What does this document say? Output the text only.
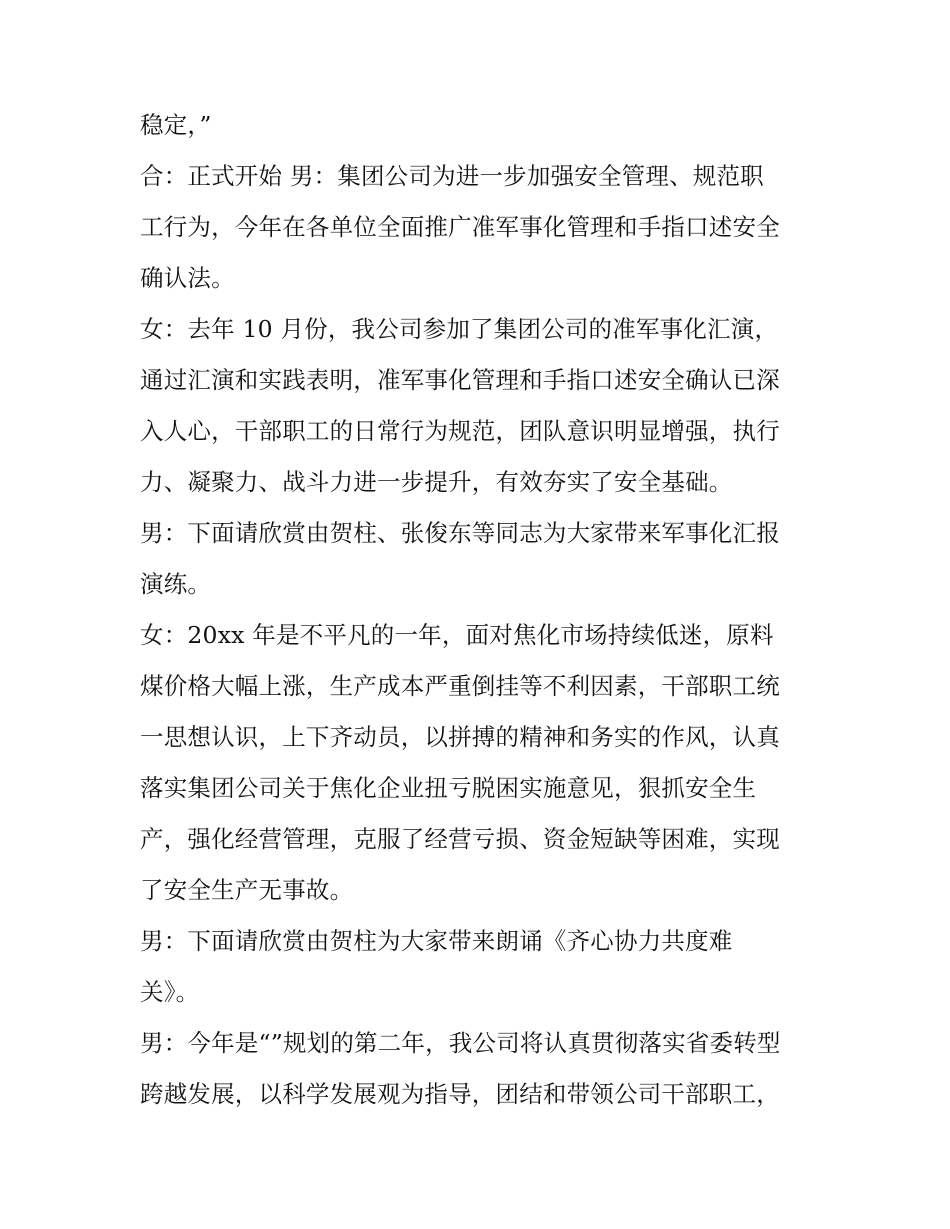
稳定，”
合：正式开始 男：集团公司为进一步加强安全管理、规范职
工行为，今年在各单位全面推广准军事化管理和手指口述安全
确认法。
女：去年 10 月份，我公司参加了集团公司的准军事化汇演，
通过汇演和实践表明，准军事化管理和手指口述安全确认已深
入人心，干部职工的日常行为规范，团队意识明显增强，执行
力、凝聚力、战斗力进一步提升，有效夯实了安全基础。
男：下面请欣赏由贺柱、张俊东等同志为大家带来军事化汇报
演练。
女：20xx 年是不平凡的一年，面对焦化市场持续低迷，原料
煤价格大幅上涨，生产成本严重倒挂等不利因素，干部职工统
一思想认识，上下齐动员，以拼搏的精神和务实的作风，认真
落实集团公司关于焦化企业扭亏脱困实施意见，狠抓安全生
产，强化经营管理，克服了经营亏损、资金短缺等困难，实现
了安全生产无事故。
男：下面请欣赏由贺柱为大家带来朗诵《齐心协力共度难
关》。
男：今年是“”规划的第二年，我公司将认真贯彻落实省委转型
跨越发展，以科学发展观为指导，团结和带领公司干部职工，
